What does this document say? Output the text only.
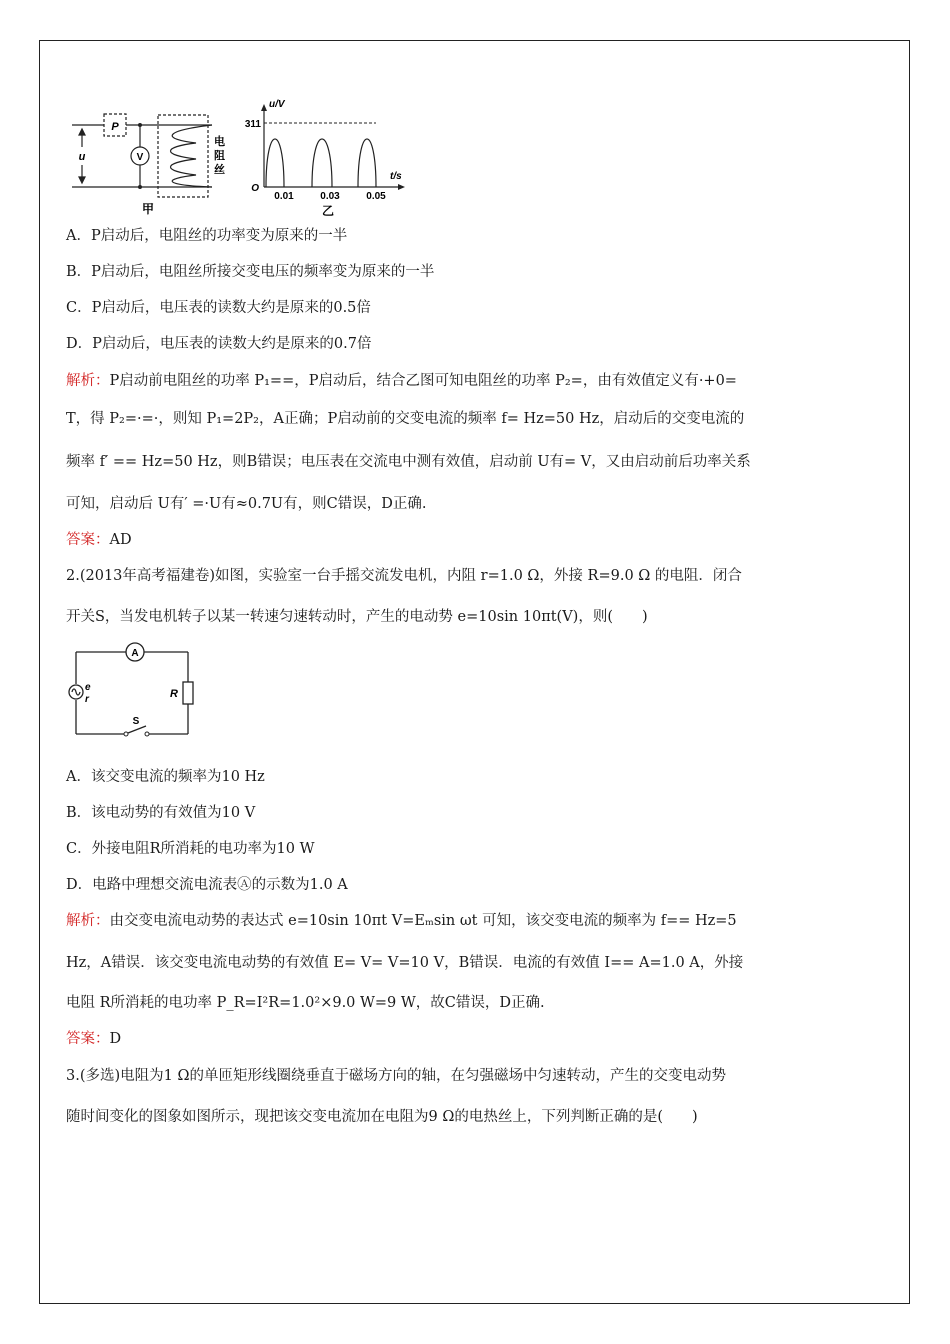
P
u	V
电
阻
丝
甲
u/V
t/s
311
O
0.01	0.03	0.05
乙
A．P启动后，电阻丝的功率变为原来的一半
B．P启动后，电阻丝所接交变电压的频率变为原来的一半
C．P启动后，电压表的读数大约是原来的0.5倍
D．P启动后，电压表的读数大约是原来的0.7倍
解析：P启动前电阻丝的功率 P₁==，P启动后，结合乙图可知电阻丝的功率 P₂=，由有效值定义有·+0=
T，得 P₂=·=·，则知 P₁=2P₂，A正确；P启动前的交变电流的频率 f= Hz=50 Hz，启动后的交变电流的
频率 f′ == Hz=50 Hz，则B错误；电压表在交流电中测有效值，启动前 U有= V，又由启动前后功率关系
可知，启动后 U有′ =·U有≈0.7U有，则C错误，D正确.
答案：AD
2.(2013年高考福建卷)如图，实验室一台手摇交流发电机，内阻 r=1.0 Ω，外接 R=9.0 Ω 的电阻．闭合
开关S，当发电机转子以某一转速匀速转动时，产生的电动势 e=10sin 10πt(V)，则(　　)
A
e
r	R
S
A．该交变电流的频率为10 Hz
B．该电动势的有效值为10 V
C．外接电阻R所消耗的电功率为10 W
D．电路中理想交流电流表Ⓐ的示数为1.0 A
解析：由交变电流电动势的表达式 e=10sin 10πt V=Eₘsin ωt 可知，该交变电流的频率为 f== Hz=5
Hz，A错误．该交变电流电动势的有效值 E= V= V=10 V，B错误．电流的有效值 I== A=1.0 A，外接
电阻 R所消耗的电功率 P_R=I²R=1.0²×9.0 W=9 W，故C错误，D正确.
答案：D
3.(多选)电阻为1 Ω的单匝矩形线圈绕垂直于磁场方向的轴，在匀强磁场中匀速转动，产生的交变电动势
随时间变化的图象如图所示，现把该交变电流加在电阻为9 Ω的电热丝上，下列判断正确的是(　　)
